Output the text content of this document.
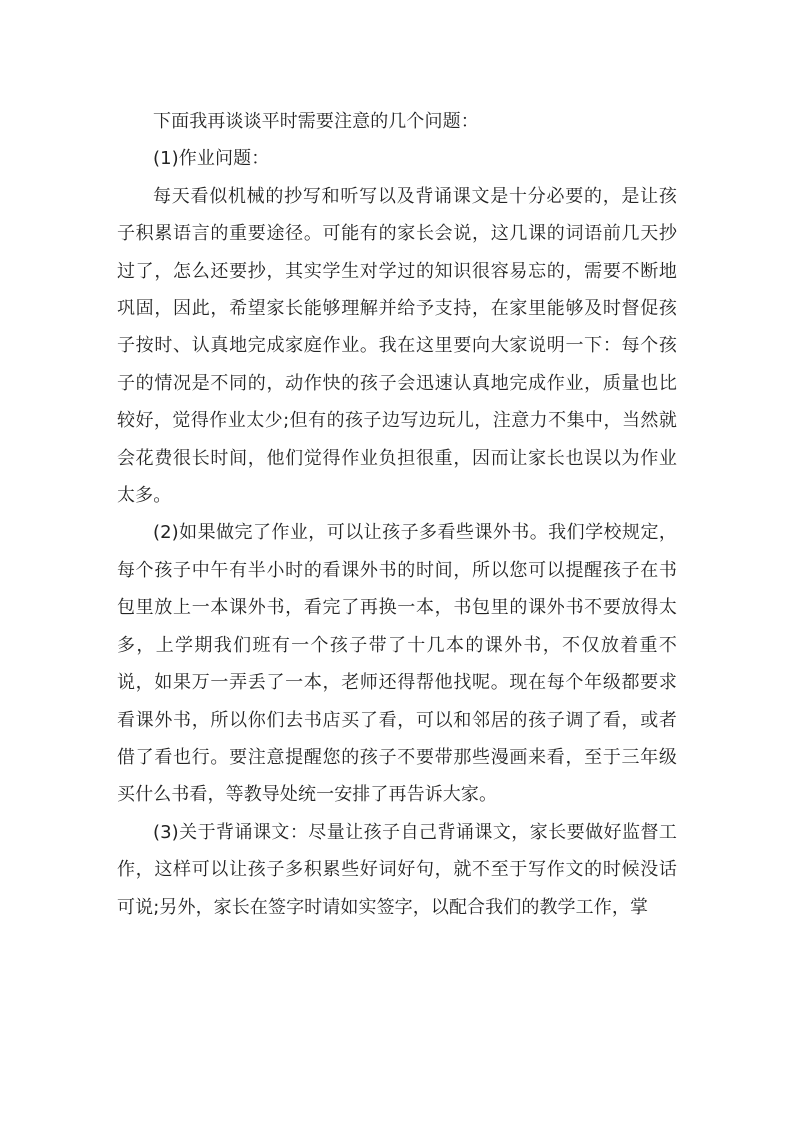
下面我再谈谈平时需要注意的几个问题：

(1)作业问题：

每天看似机械的抄写和听写以及背诵课文是十分必要的，是让孩子积累语言的重要途径。可能有的家长会说，这几课的词语前几天抄过了，怎么还要抄，其实学生对学过的知识很容易忘的，需要不断地巩固，因此，希望家长能够理解并给予支持，在家里能够及时督促孩子按时、认真地完成家庭作业。我在这里要向大家说明一下：每个孩子的情况是不同的，动作快的孩子会迅速认真地完成作业，质量也比较好，觉得作业太少;但有的孩子边写边玩儿，注意力不集中，当然就会花费很长时间，他们觉得作业负担很重，因而让家长也误以为作业太多。

(2)如果做完了作业，可以让孩子多看些课外书。我们学校规定，每个孩子中午有半小时的看课外书的时间，所以您可以提醒孩子在书包里放上一本课外书，看完了再换一本，书包里的课外书不要放得太多，上学期我们班有一个孩子带了十几本的课外书，不仅放着重不说，如果万一弄丢了一本，老师还得帮他找呢。现在每个年级都要求看课外书，所以你们去书店买了看，可以和邻居的孩子调了看，或者借了看也行。要注意提醒您的孩子不要带那些漫画来看，至于三年级买什么书看，等教导处统一安排了再告诉大家。

(3)关于背诵课文：尽量让孩子自己背诵课文，家长要做好监督工作，这样可以让孩子多积累些好词好句，就不至于写作文的时候没话可说;另外，家长在签字时请如实签字，以配合我们的教学工作，掌
